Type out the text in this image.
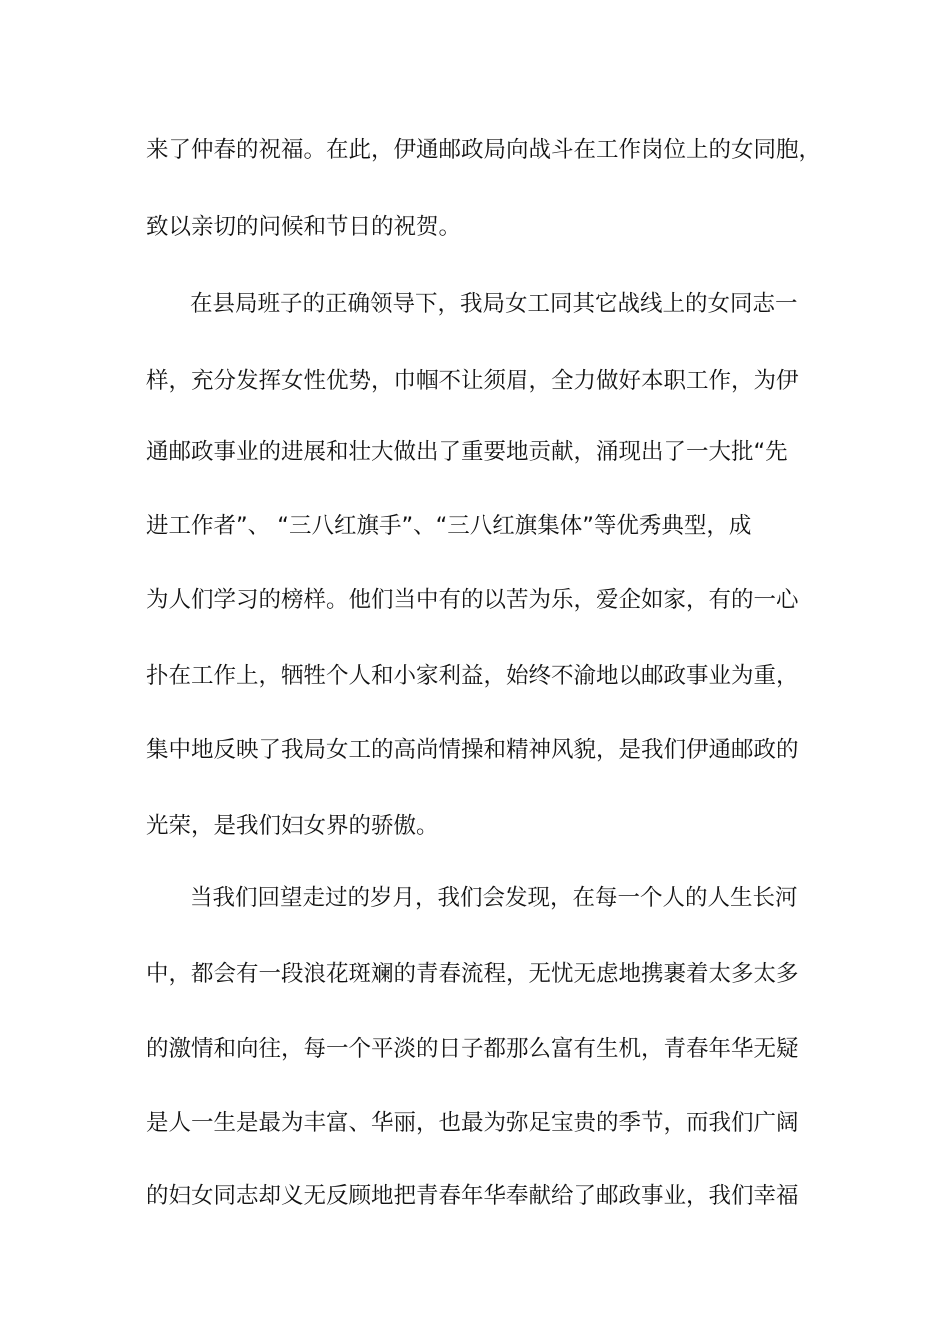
来了仲春的祝福。在此，伊通邮政局向战斗在工作岗位上的女同胞，
致以亲切的问候和节日的祝贺。
在县局班子的正确领导下，我局女工同其它战线上的女同志一
样，充分发挥女性优势，巾帼不让须眉，全力做好本职工作，为伊
通邮政事业的进展和壮大做出了重要地贡献，涌现出了一大批“先
进工作者”、 “三八红旗手”、“三八红旗集体”等优秀典型，成
为人们学习的榜样。他们当中有的以苦为乐，爱企如家，有的一心
扑在工作上，牺牲个人和小家利益，始终不渝地以邮政事业为重，
集中地反映了我局女工的高尚情操和精神风貌，是我们伊通邮政的
光荣，是我们妇女界的骄傲。
当我们回望走过的岁月，我们会发现，在每一个人的人生长河
中，都会有一段浪花斑斓的青春流程，无忧无虑地携裹着太多太多
的激情和向往，每一个平淡的日子都那么富有生机，青春年华无疑
是人一生是最为丰富、华丽，也最为弥足宝贵的季节，而我们广阔
的妇女同志却义无反顾地把青春年华奉献给了邮政事业，我们幸福
